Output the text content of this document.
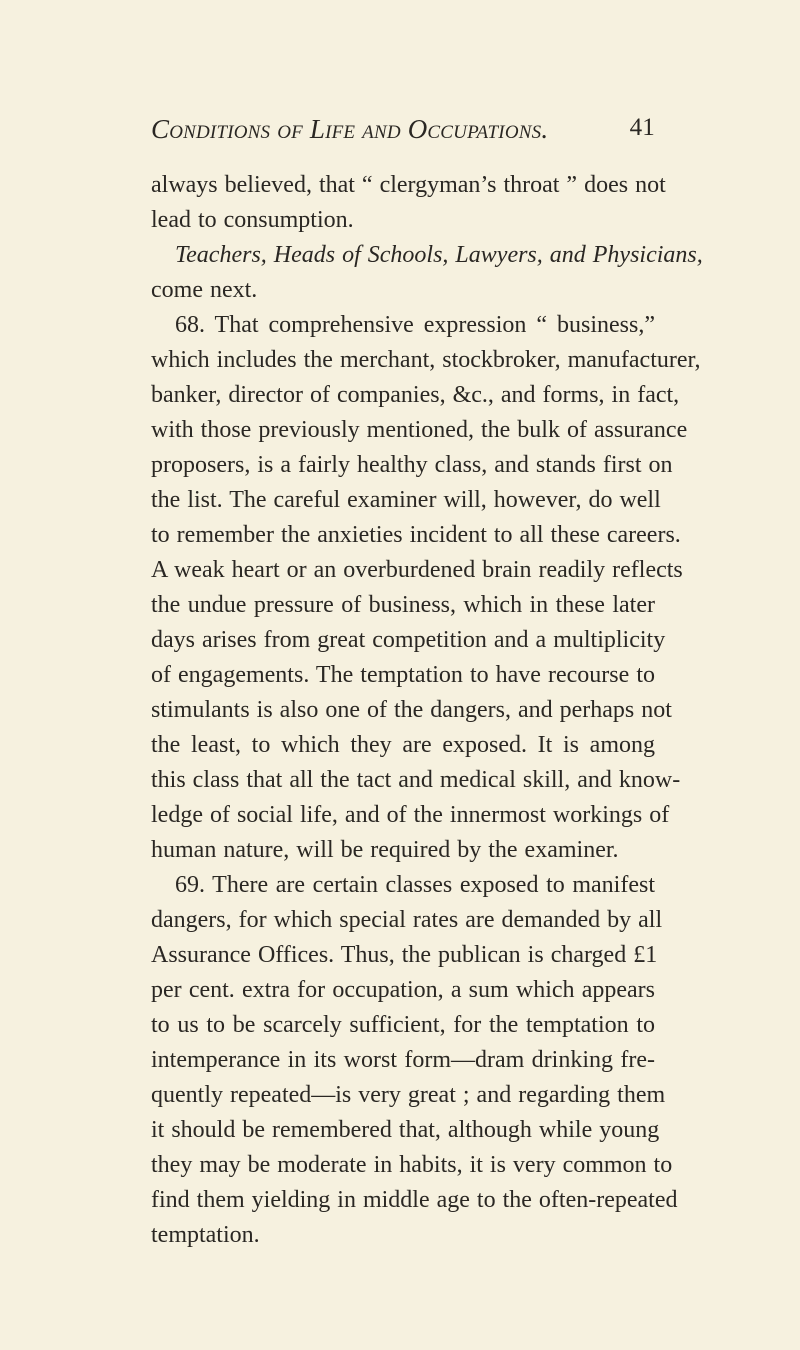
Conditions of Life and Occupations.	41
always believed, that “ clergyman’s throat ” does not
lead to consumption.
Teachers, Heads of Schools, Lawyers, and Physicians,
come next.
68. That comprehensive expression “ business,”
which includes the merchant, stockbroker, manufacturer,
banker, director of companies, &c., and forms, in fact,
with those previously mentioned, the bulk of assurance
proposers, is a fairly healthy class, and stands first on
the list. The careful examiner will, however, do well
to remember the anxieties incident to all these careers.
A weak heart or an overburdened brain readily reflects
the undue pressure of business, which in these later
days arises from great competition and a multiplicity
of engagements. The temptation to have recourse to
stimulants is also one of the dangers, and perhaps not
the least, to which they are exposed. It is among
this class that all the tact and medical skill, and know-
ledge of social life, and of the innermost workings of
human nature, will be required by the examiner.
69. There are certain classes exposed to manifest
dangers, for which special rates are demanded by all
Assurance Offices. Thus, the publican is charged £1
per cent. extra for occupation, a sum which appears
to us to be scarcely sufficient, for the temptation to
intemperance in its worst form—dram drinking fre-
quently repeated—is very great ; and regarding them
it should be remembered that, although while young
they may be moderate in habits, it is very common to
find them yielding in middle age to the often-repeated
temptation.
